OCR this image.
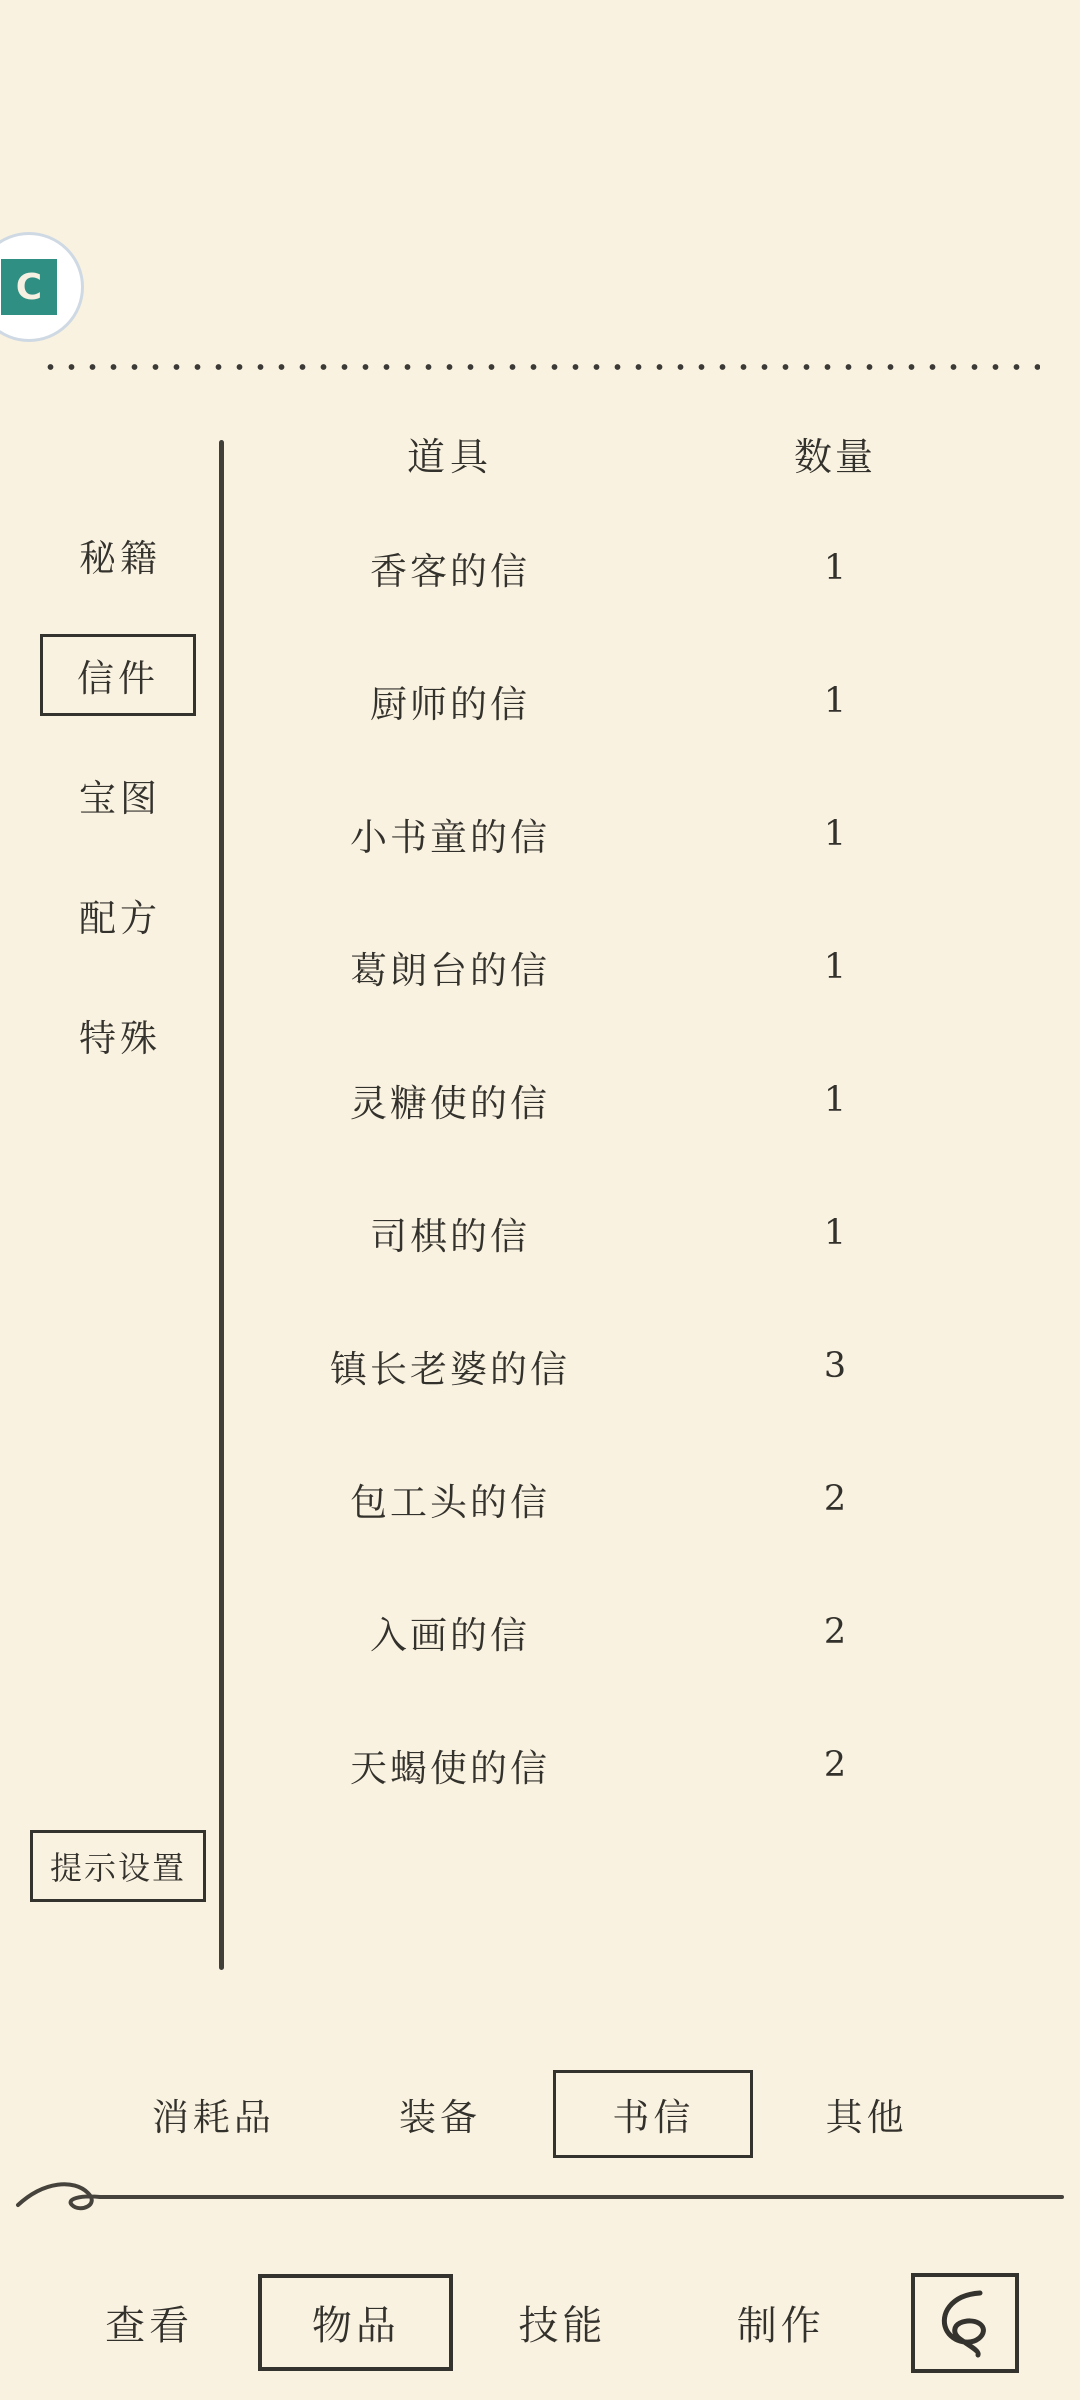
C
秘籍
信件
宝图
配方
特殊
提示设置
道具	数量
香客的信	1
厨师的信	1
小书童的信	1
葛朗台的信	1
灵糖使的信	1
司棋的信	1
镇长老婆的信	3
包工头的信	2
入画的信	2
天蝎使的信	2
消耗品	装备	书信	其他
查看	物品	技能	制作
